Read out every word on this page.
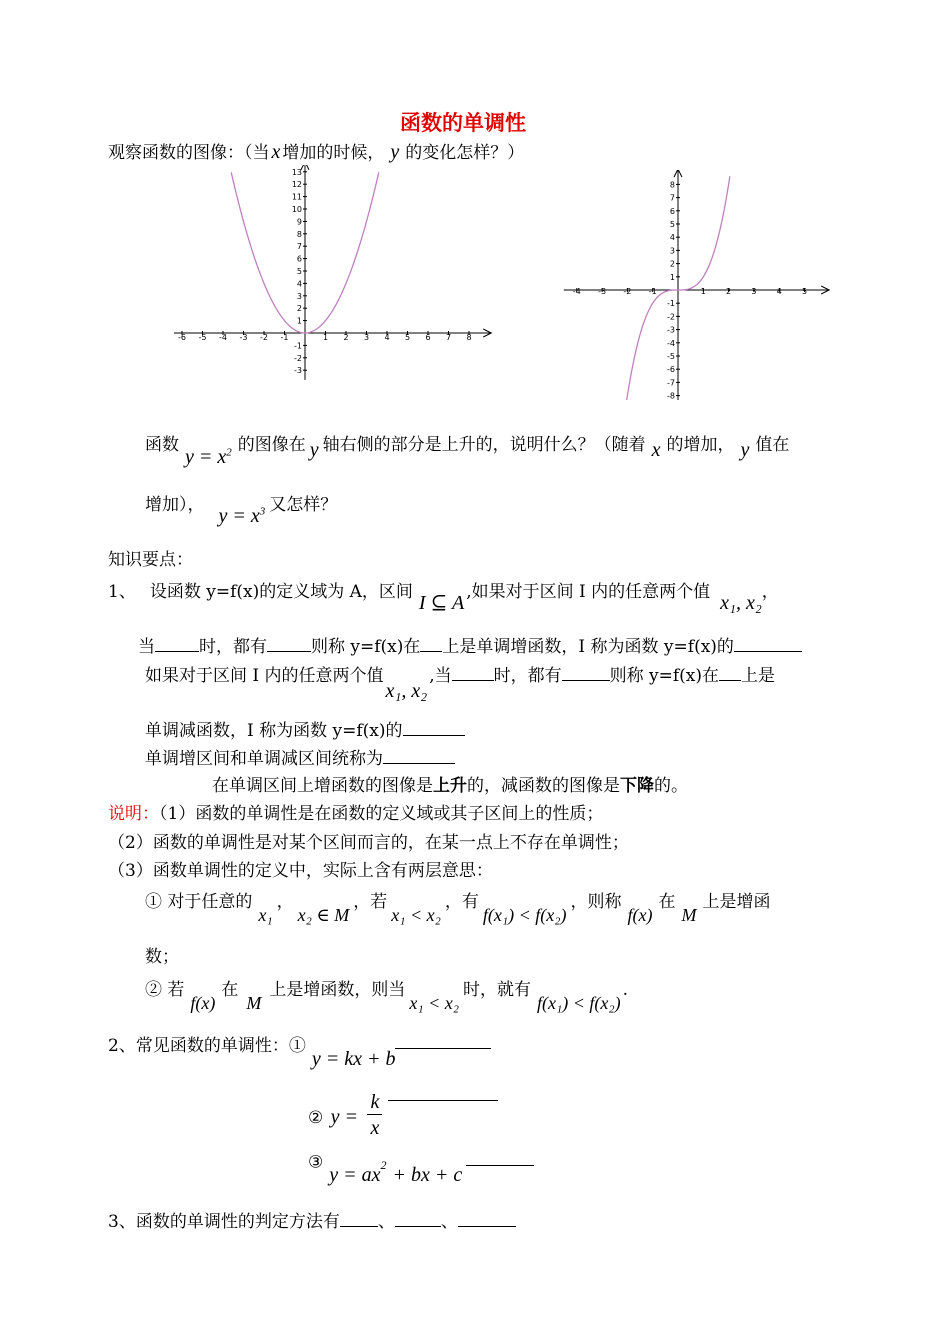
函数的单调性
观察函数的图像：（当 x 增加的时候， y 的变化怎样？）
-6 -5 -4 -3 -2 -1	1 2 3 4 5 6 7 8
13
12
11
10
9
8
7
6
5
4
3
2
1
-1
-2
-3
-4 -3 -2 -1	1	2	3	4	5
8
7
6
5
4
3
2
1
-1
-2
-3
-4
-5
-6
-7
-8
函数$y = x^2$ 的图像在 y 轴右侧的部分是上升的，说明什么？（随着 x 的增加， y 值在
增加）， $y = x^3$ 又怎样？
知识要点：
1、 设函数 y=f(x)的定义域为 A，区间 I ⊆ A ,如果对于区间 I 内的任意两个值 x₁, x₂，
当	时，都有	则称 y=f(x)在 上是单调增函数，I 称为函数 y=f(x)的
如果对于区间 I 内的任意两个值x₁, x₂,当 时，都有	则称 y=f(x)在 上是
单调减函数，I 称为函数 y=f(x)的
单调增区间和单调减区间统称为
在单调区间上增函数的图像是上升的，减函数的图像是下降的。
说明：（1）函数的单调性是在函数的定义域或其子区间上的性质；
（2）函数的单调性是对某个区间而言的，在某一点上不存在单调性；
（3）函数单调性的定义中，实际上含有两层意思：
① 对于任意的x₁，x₂ ∈ M，若x₁ < x₂，有f(x₁) < f(x₂)，则称f(x)在M上是增函
数；
② 若f(x)在M上是增函数，则当x₁ < x₂时，就有f(x₁) < f(x₂).
2、常见函数的单调性：①y = kx + b
② $y = \frac{k}{x}$

③y = $ax^2$ + bx + c
3、函数的单调性的判定方法有 、	、
